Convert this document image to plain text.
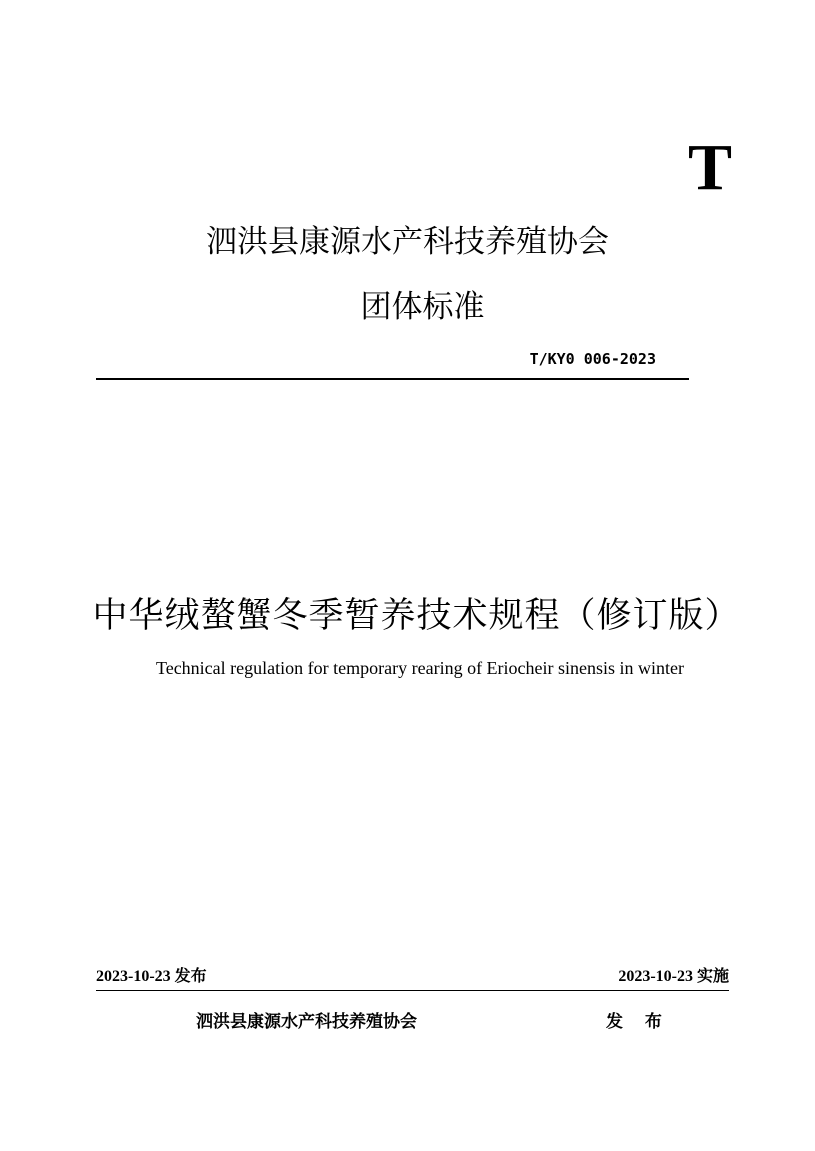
T
泗洪县康源水产科技养殖协会
团体标准
T/KY0 006-2023
中华绒螯蟹冬季暂养技术规程（修订版）
Technical regulation for temporary rearing of Eriocheir sinensis in winter
2023-10-23 发布	2023-10-23 实施
泗洪县康源水产科技养殖协会	发 布
